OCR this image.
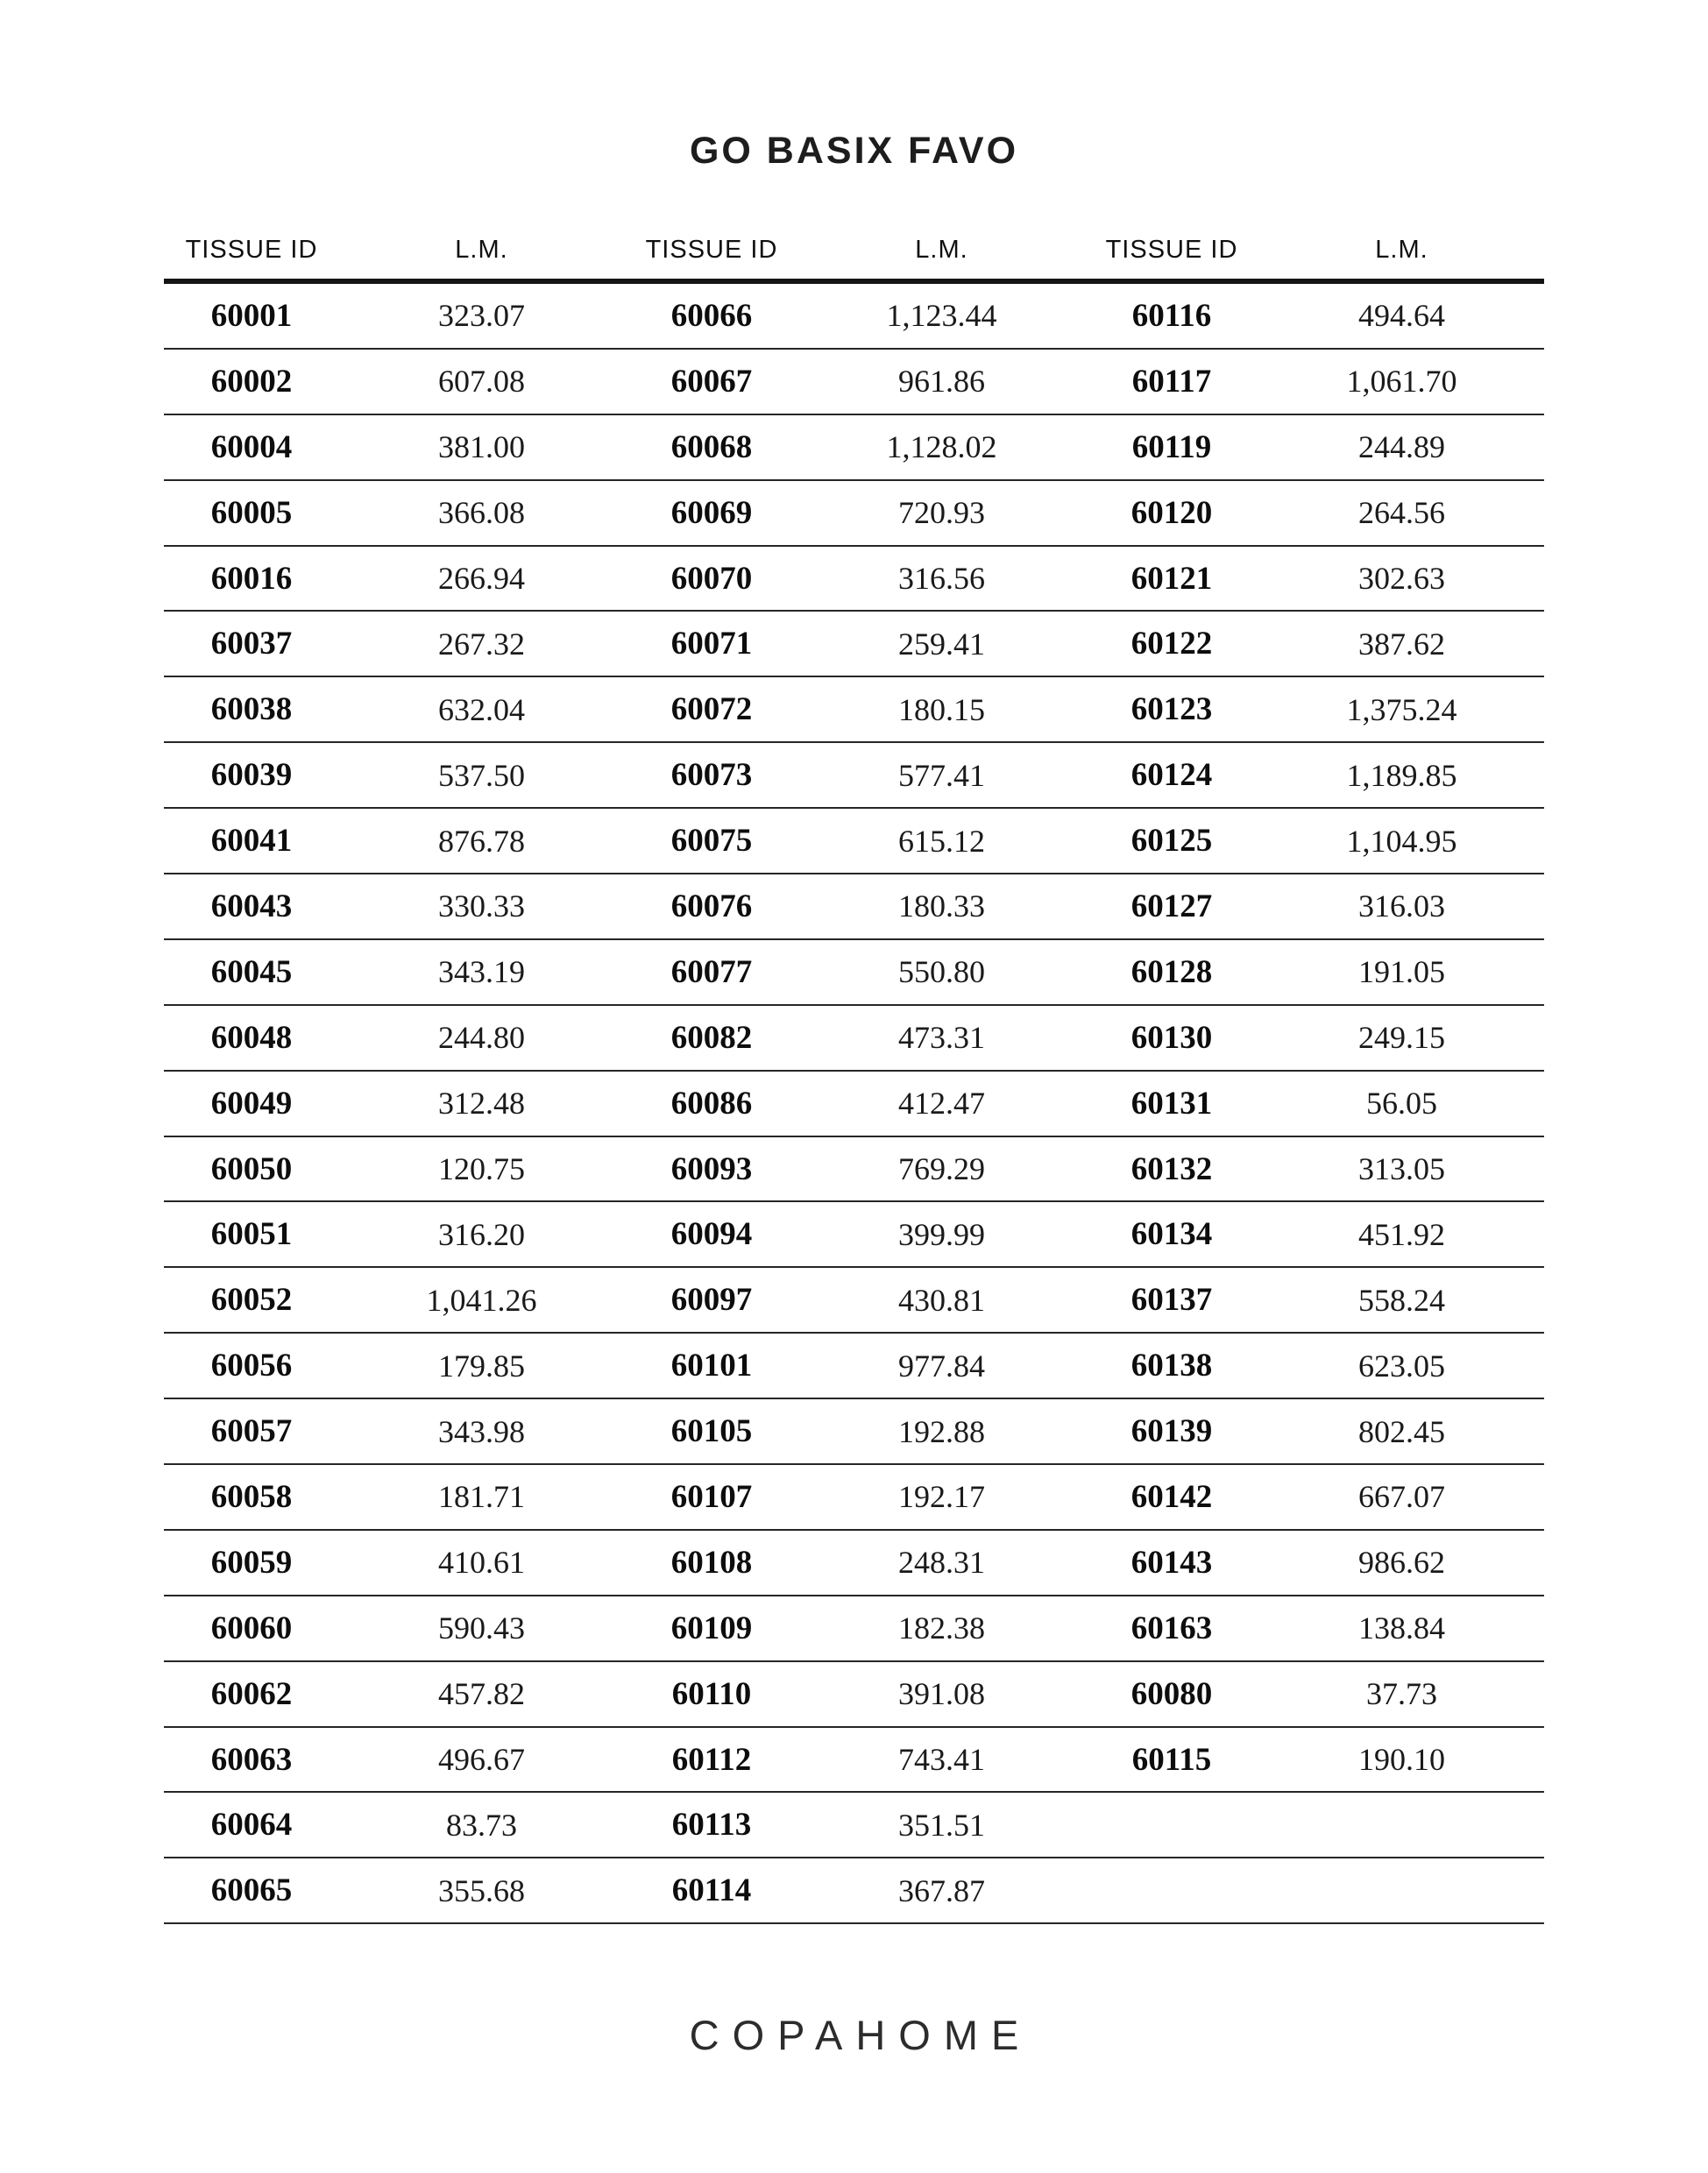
GO BASIX FAVO
TISSUE ID	L.M.	TISSUE ID	L.M.	TISSUE ID	L.M.
60001	323.07	60066	1,123.44	60116	494.64
60002	607.08	60067	961.86	60117	1,061.70
60004	381.00	60068	1,128.02	60119	244.89
60005	366.08	60069	720.93	60120	264.56
60016	266.94	60070	316.56	60121	302.63
60037	267.32	60071	259.41	60122	387.62
60038	632.04	60072	180.15	60123	1,375.24
60039	537.50	60073	577.41	60124	1,189.85
60041	876.78	60075	615.12	60125	1,104.95
60043	330.33	60076	180.33	60127	316.03
60045	343.19	60077	550.80	60128	191.05
60048	244.80	60082	473.31	60130	249.15
60049	312.48	60086	412.47	60131	56.05
60050	120.75	60093	769.29	60132	313.05
60051	316.20	60094	399.99	60134	451.92
60052	1,041.26	60097	430.81	60137	558.24
60056	179.85	60101	977.84	60138	623.05
60057	343.98	60105	192.88	60139	802.45
60058	181.71	60107	192.17	60142	667.07
60059	410.61	60108	248.31	60143	986.62
60060	590.43	60109	182.38	60163	138.84
60062	457.82	60110	391.08	60080	37.73
60063	496.67	60112	743.41	60115	190.10
60064	83.73	60113	351.51
60065	355.68	60114	367.87
COPAHOME
